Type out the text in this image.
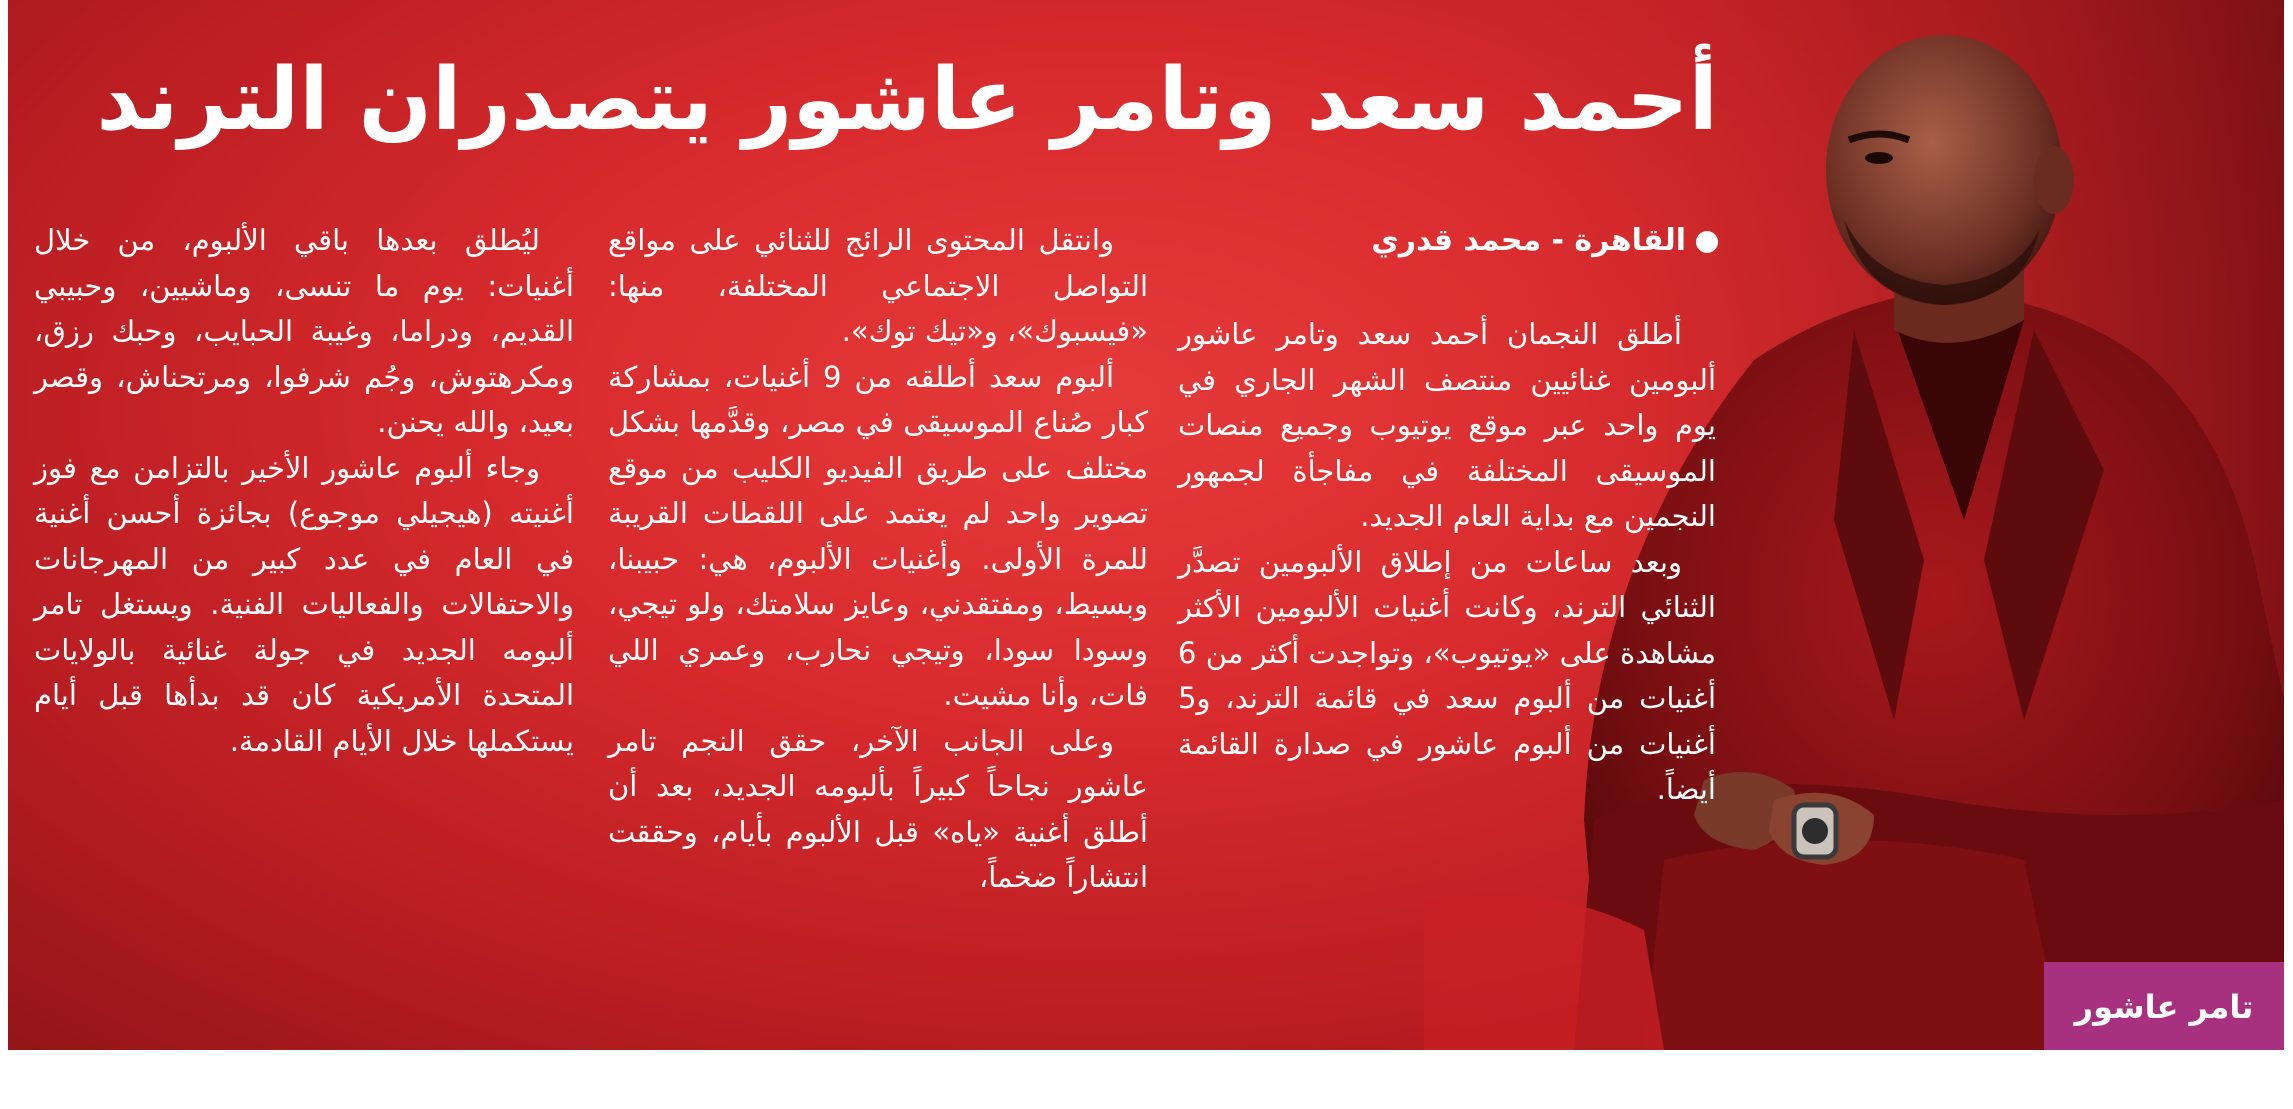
أحمد سعد وتامر عاشور يتصدران الترند
القاهرة - محمد قدري

أطلق النجمان أحمد سعد وتامر عاشور ألبومين غنائيين منتصف الشهر الجاري في يوم واحد عبر موقع يوتيوب وجميع منصات الموسيقى المختلفة في مفاجأة لجمهور النجمين مع بداية العام الجديد.

وبعد ساعات من إطلاق الألبومين تصدَّر الثنائي الترند، وكانت أغنيات الألبومين الأكثر مشاهدة على «يوتيوب»، وتواجدت أكثر من 6 أغنيات من ألبوم سعد في قائمة الترند، و5 أغنيات من ألبوم عاشور في صدارة القائمة أيضاً.

وانتقل المحتوى الرائج للثنائي على مواقع التواصل الاجتماعي المختلفة، منها: «فيسبوك»، و«تيك توك».

ألبوم سعد أطلقه من 9 أغنيات، بمشاركة كبار صُناع الموسيقى في مصر، وقدَّمها بشكل مختلف على طريق الفيديو الكليب من موقع تصوير واحد لم يعتمد على اللقطات القريبة للمرة الأولى. وأغنيات الألبوم، هي: حبيبنا، وبسيط، ومفتقدني، وعايز سلامتك، ولو تيجي، وسودا سودا، وتيجي نحارب، وعمري اللي فات، وأنا مشيت.

وعلى الجانب الآخر، حقق النجم تامر عاشور نجاحاً كبيراً بألبومه الجديد، بعد أن أطلق أغنية «ياه» قبل الألبوم بأيام، وحققت انتشاراً ضخماً،

ليُطلق بعدها باقي الألبوم، من خلال أغنيات: يوم ما تنسى، وماشيين، وحبيبي القديم، ودراما، وغيبة الحبايب، وحبك رزق، ومكرهتوش، وجُم شرفوا، ومرتحناش، وقصر بعيد، والله يحنن.

وجاء ألبوم عاشور الأخير بالتزامن مع فوز أغنيته (هيجيلي موجوع) بجائزة أحسن أغنية في العام في عدد كبير من المهرجانات والاحتفالات والفعاليات الفنية. ويستغل تامر ألبومه الجديد في جولة غنائية بالولايات المتحدة الأمريكية كان قد بدأها قبل أيام يستكملها خلال الأيام القادمة.

تامر عاشور
